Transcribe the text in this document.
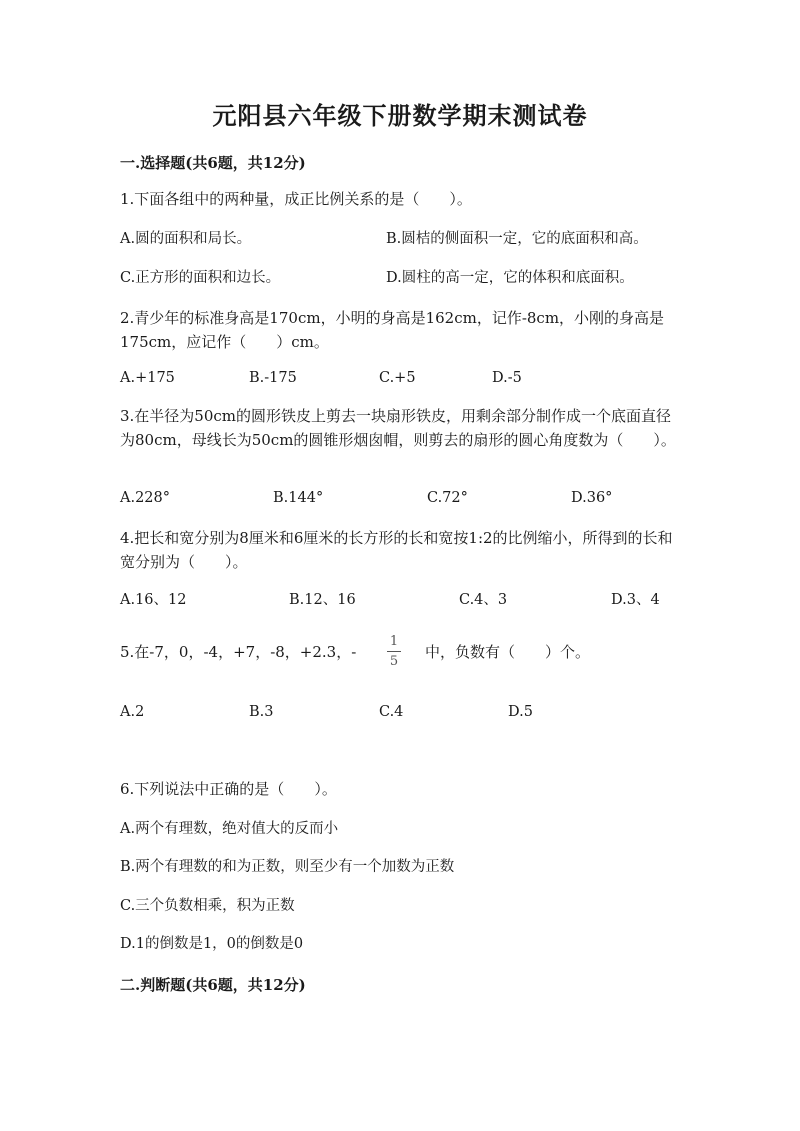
元阳县六年级下册数学期末测试卷
一.选择题(共6题，共12分)
1.下面各组中的两种量，成正比例关系的是（　　）。
A.圆的面积和局长。	B.圆桔的侧面积一定，它的底面积和高。
C.正方形的面积和边长。	D.圆柱的高一定，它的体积和底面积。
2.青少年的标准身高是170cm，小明的身高是162cm，记作-8cm，小刚的身高是175cm，应记作（　　）cm。
A.+175	B.-175	C.+5	D.-5
3.在半径为50cm的圆形铁皮上剪去一块扇形铁皮，用剩余部分制作成一个底面直径为80cm，母线长为50cm的圆锥形烟囱帽，则剪去的扇形的圆心角度数为（　　）。
A.228°	B.144°	C.72°	D.36°
4.把长和宽分别为8厘米和6厘米的长方形的长和宽按1:2的比例缩小，所得到的长和宽分别为（　　）。
A.16、12	B.12、16	C.4、3	D.3、4
5.在-7，0，-4，+7，-8，+2.3，-
1
5
中，负数有（　　）个。
A.2	B.3	C.4	D.5
6.下列说法中正确的是（　　）。
A.两个有理数，绝对值大的反而小
B.两个有理数的和为正数，则至少有一个加数为正数
C.三个负数相乘，积为正数
D.1的倒数是1，0的倒数是0
二.判断题(共6题，共12分)
